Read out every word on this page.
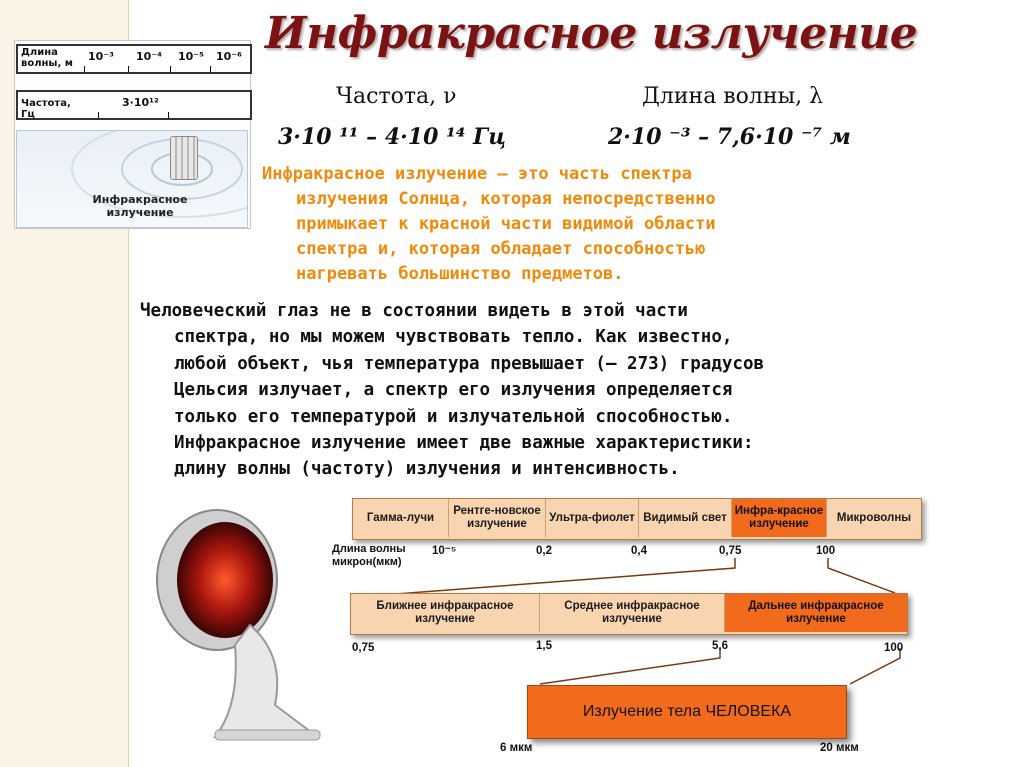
Длина волны, м
10⁻³ 10⁻⁴ 10⁻⁵ 10⁻⁶
Частота, Гц
3·10¹²
Инфракрасное излучение
Инфракрасное излучение
Частота, ν	Длина волны, λ
3·10 ¹¹ – 4·10 ¹⁴ Гц	2·10 ⁻³ – 7,6·10 ⁻⁷ м

Инфракрасное излучение – это часть спектра

излучения Солнца, которая непосредственно

примыкает к красной части видимой области

спектра и, которая обладает способностью

нагревать большинство предметов.

Человеческий глаз не в состоянии видеть в этой части

спектра, но мы можем чувствовать тепло. Как известно,

любой объект, чья температура превышает (– 273) градусов

Цельсия излучает, а спектр его излучения определяется

только его температурой и излучательной способностью.

Инфракрасное излучение имеет две важные характеристики:

длину волны (частоту) излучения и интенсивность.

Гамма-лучи
Рентге-новское излучение
Ультра-фиолет Видимый свет
Инфра-красное излучение
Микроволны
Длина волны микрон(мкм)
10⁻⁵	0,2	0,4	0,75	100
Ближнее инфракрасное излучение
Среднее инфракрасное излучение
Дальнее инфракрасное излучение
0,75	1,5	5,6	100
Излучение тела ЧЕЛОВЕКА
6 мкм	20 мкм
